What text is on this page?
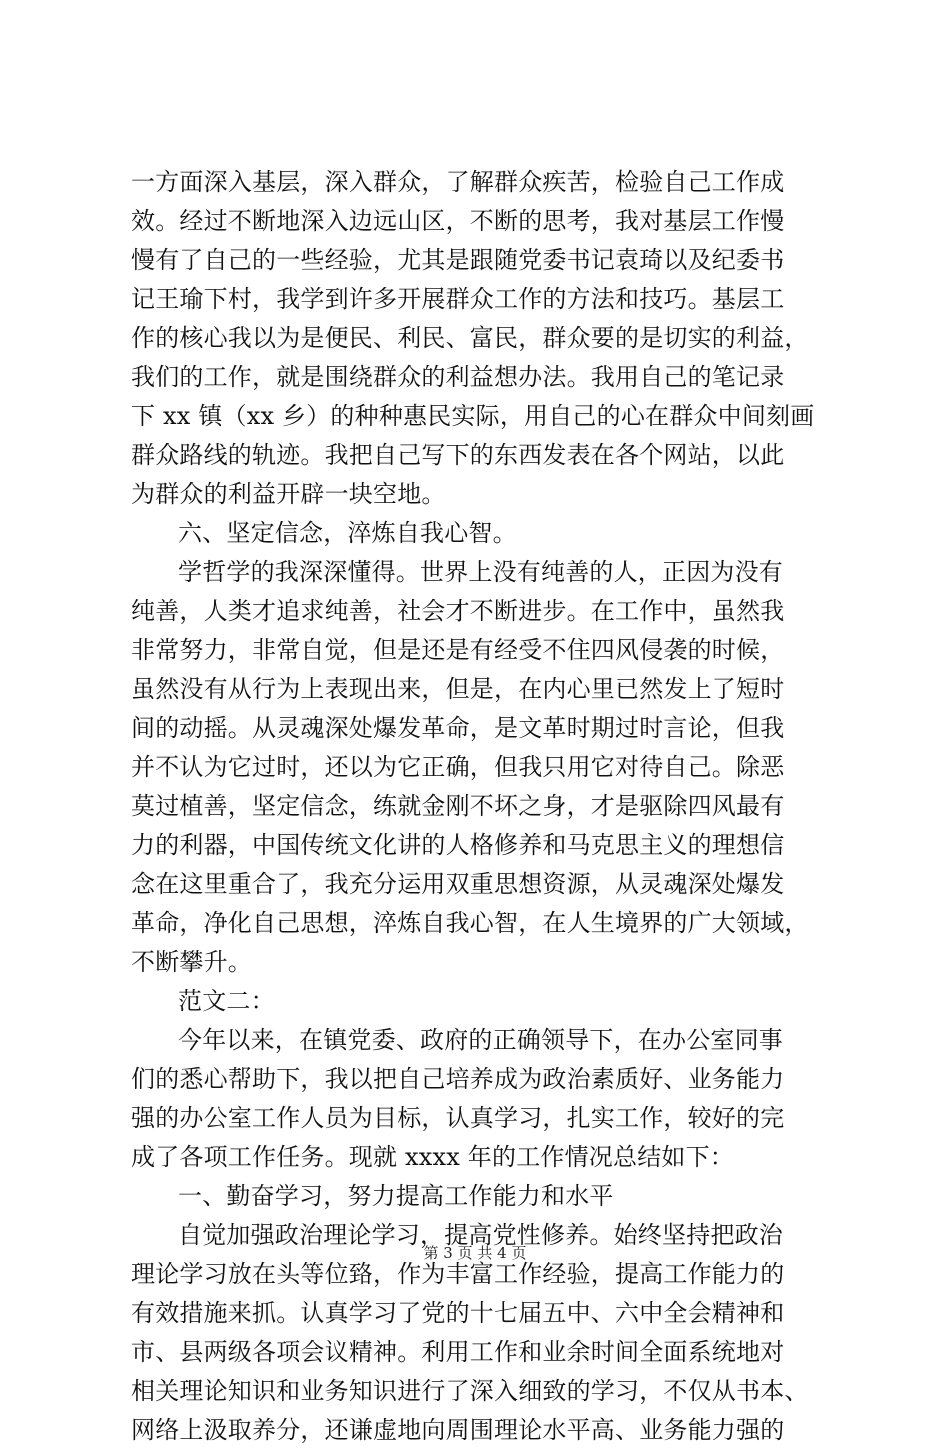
一方面深入基层，深入群众，了解群众疾苦，检验自己工作成
效。经过不断地深入边远山区，不断的思考，我对基层工作慢
慢有了自己的一些经验，尤其是跟随党委书记袁琦以及纪委书
记王瑜下村，我学到许多开展群众工作的方法和技巧。基层工
作的核心我以为是便民、利民、富民，群众要的是切实的利益，
我们的工作，就是围绕群众的利益想办法。我用自己的笔记录
下 xx 镇（xx 乡）的种种惠民实际，用自己的心在群众中间刻画
群众路线的轨迹。我把自己写下的东西发表在各个网站，以此
为群众的利益开辟一块空地。
六、坚定信念，淬炼自我心智。
学哲学的我深深懂得。世界上没有纯善的人，正因为没有
纯善，人类才追求纯善，社会才不断进步。在工作中，虽然我
非常努力，非常自觉，但是还是有经受不住四风侵袭的时候，
虽然没有从行为上表现出来，但是，在内心里已然发上了短时
间的动摇。从灵魂深处爆发革命，是文革时期过时言论，但我
并不认为它过时，还以为它正确，但我只用它对待自己。除恶
莫过植善，坚定信念，练就金刚不坏之身，才是驱除四风最有
力的利器，中国传统文化讲的人格修养和马克思主义的理想信
念在这里重合了，我充分运用双重思想资源，从灵魂深处爆发
革命，净化自己思想，淬炼自我心智，在人生境界的广大领域，
不断攀升。
范文二：
今年以来，在镇党委、政府的正确领导下，在办公室同事
们的悉心帮助下，我以把自己培养成为政治素质好、业务能力
强的办公室工作人员为目标，认真学习，扎实工作，较好的完
成了各项工作任务。现就 xxxx 年的工作情况总结如下：
一、勤奋学习，努力提高工作能力和水平
自觉加强政治理论学习，提高党性修养。始终坚持把政治
理论学习放在头等位臵，作为丰富工作经验，提高工作能力的
有效措施来抓。认真学习了党的十七届五中、六中全会精神和
市、县两级各项会议精神。利用工作和业余时间全面系统地对
相关理论知识和业务知识进行了深入细致的学习，不仅从书本、
网络上汲取养分，还谦虚地向周围理论水平高、业务能力强的
第 3 页 共 4 页
